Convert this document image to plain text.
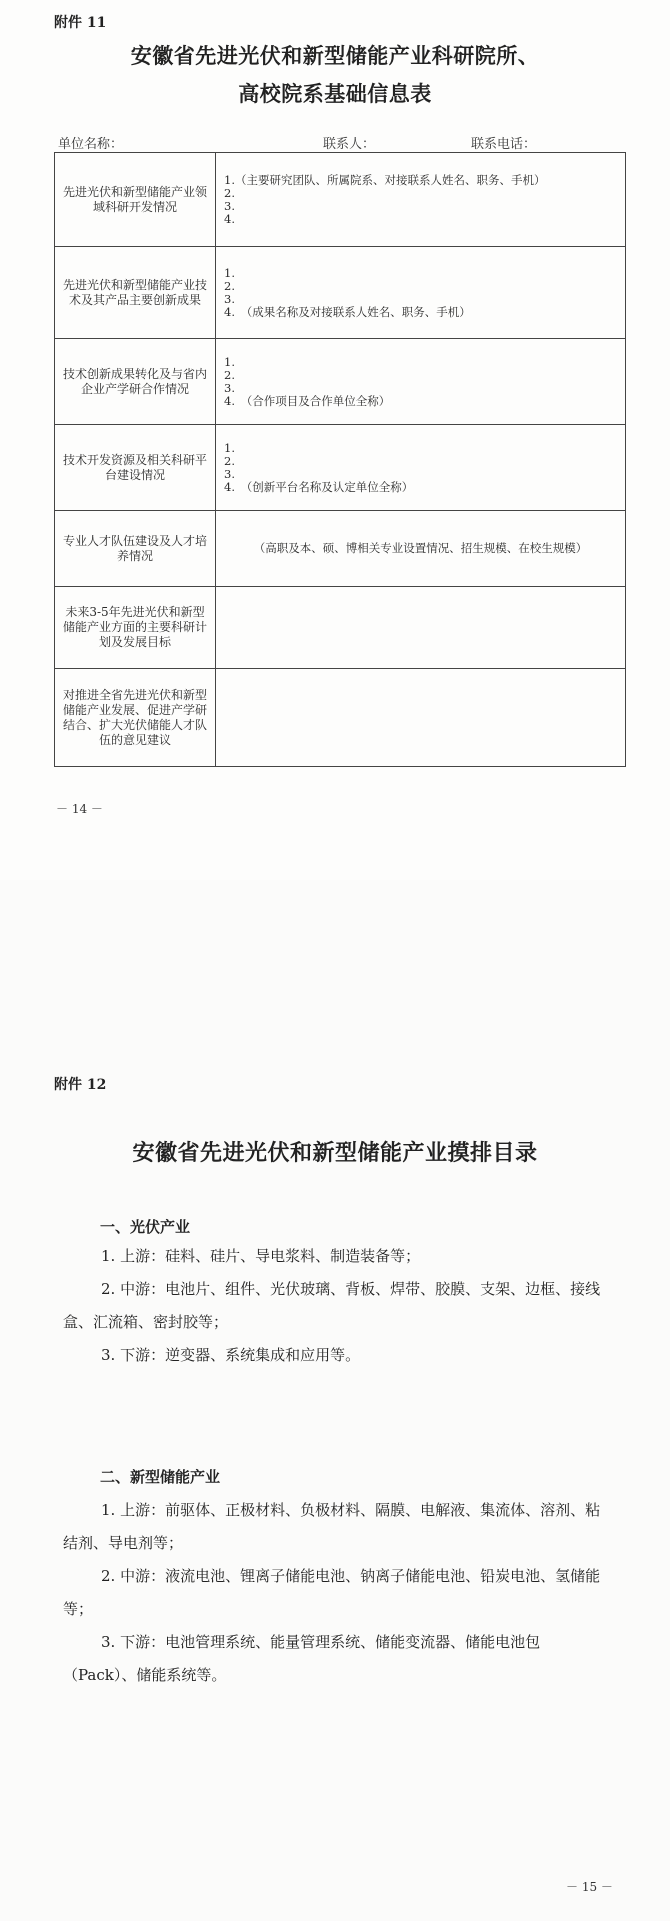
附件 11
安徽省先进光伏和新型储能产业科研院所、
高校院系基础信息表
单位名称：	联系人：	联系电话：
先进光伏和新型储能产业领域科研开发情况	1.（主要研究团队、所属院系、对接联系人姓名、职务、手机）
2.
3.
4.

先进光伏和新型储能产业技术及其产品主要创新成果	1.
2.
3.
4.　（成果名称及对接联系人姓名、职务、手机）

技术创新成果转化及与省内企业产学研合作情况	1.
2.
3.
4.　（合作项目及合作单位全称）

技术开发资源及相关科研平台建设情况	1.
2.
3.
4.　（创新平台名称及认定单位全称）

专业人才队伍建设及人才培养情况	（高职及本、硕、博相关专业设置情况、招生规模、在校生规模）

未来3-5年先进光伏和新型储能产业方面的主要科研计划及发展目标	
对推进全省先进光伏和新型储能产业发展、促进产学研结合、扩大光伏储能人才队伍的意见建议	
－ 14 －
附件 12
安徽省先进光伏和新型储能产业摸排目录
一、光伏产业
1. 上游：硅料、硅片、导电浆料、制造装备等；
2. 中游：电池片、组件、光伏玻璃、背板、焊带、胶膜、支架、边框、接线盒、汇流箱、密封胶等；
3. 下游：逆变器、系统集成和应用等。
二、新型储能产业
1. 上游：前驱体、正极材料、负极材料、隔膜、电解液、集流体、溶剂、粘结剂、导电剂等；
2. 中游：液流电池、锂离子储能电池、钠离子储能电池、铅炭电池、氢储能等；
3. 下游：电池管理系统、能量管理系统、储能变流器、储能电池包（Pack）、储能系统等。
－ 15 －
